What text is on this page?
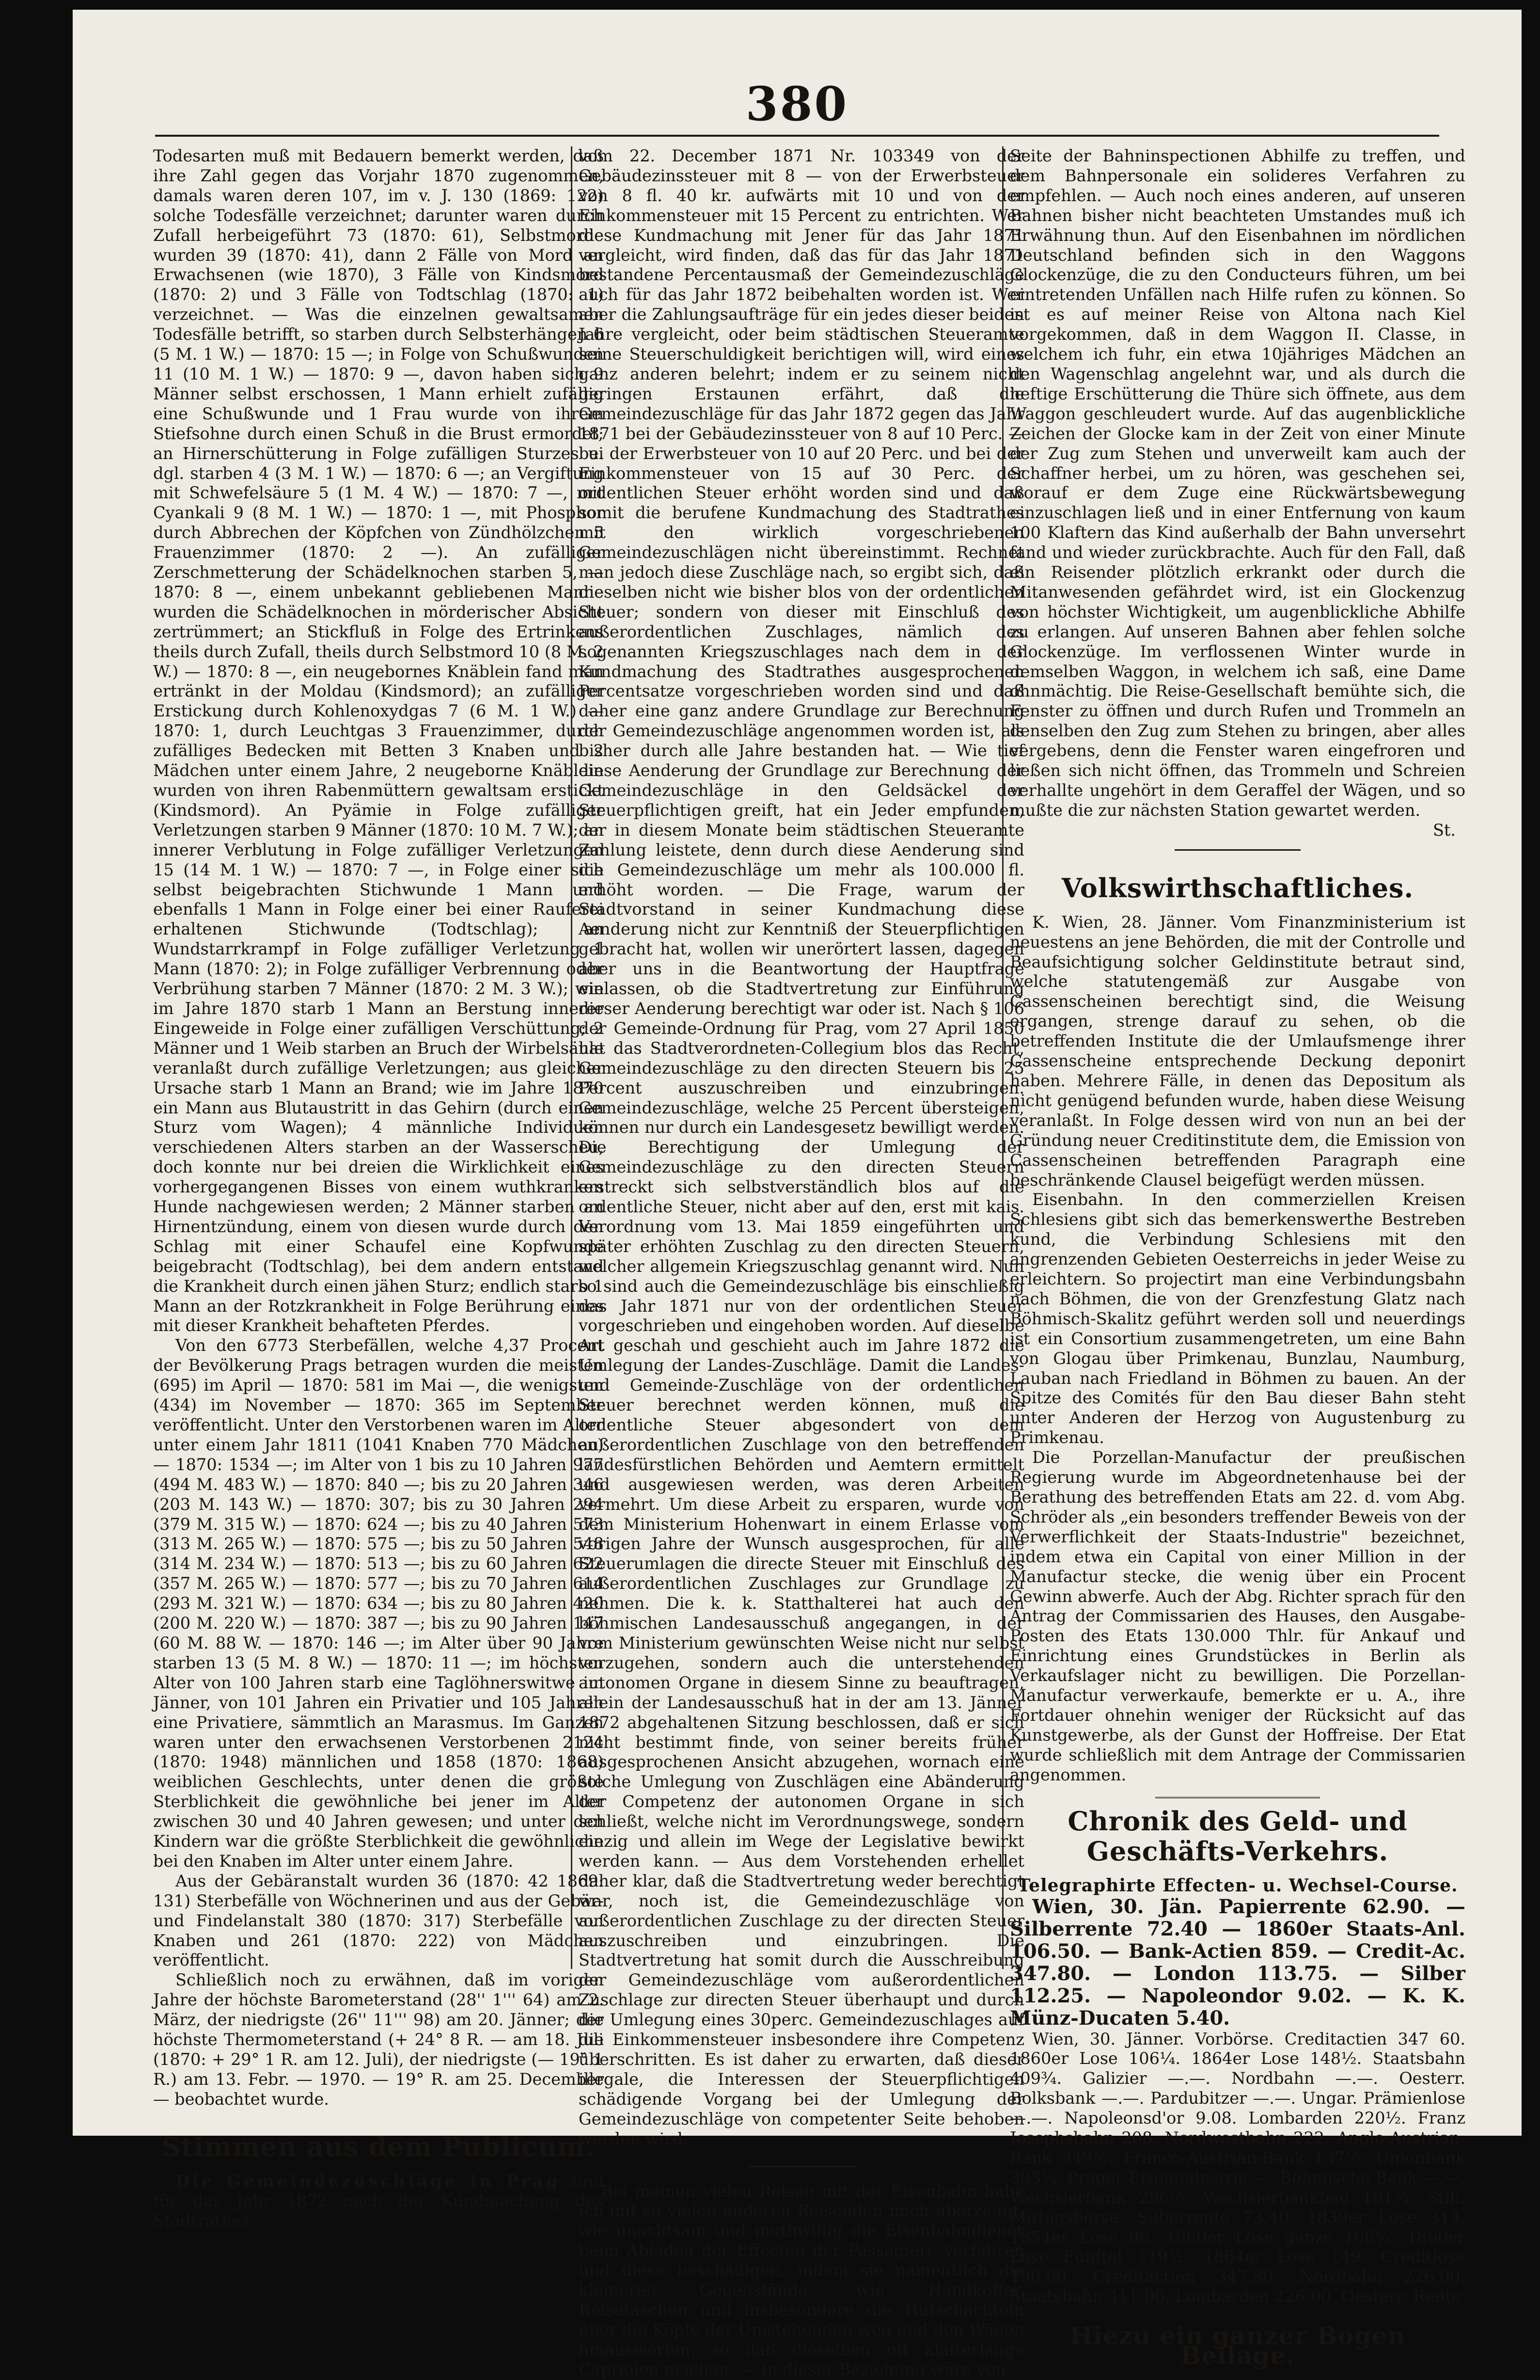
380

Todesarten muß mit Bedauern bemerkt werden, daß ihre Zahl gegen das Vorjahr 1870 zugenommen, damals waren deren 107, im v. J. 130 (1869: 122) solche Todesfälle verzeichnet; darunter waren durch Zufall herbeigeführt 73 (1870: 61), Selbstmorde wurden 39 (1870: 41), dann 2 Fälle von Mord an Erwachsenen (wie 1870), 3 Fälle von Kindsmord (1870: 2) und 3 Fälle von Todtschlag (1870: 1) verzeichnet. — Was die einzelnen gewaltsamen Todesfälle betrifft, so starben durch Selbsterhängen 6 (5 M. 1 W.) — 1870: 15 —; in Folge von Schußwunden 11 (10 M. 1 W.) — 1870: 9 —, davon haben sich 9 Männer selbst erschossen, 1 Mann erhielt zufällig eine Schußwunde und 1 Frau wurde von ihrem Stiefsohne durch einen Schuß in die Brust ermordet; an Hirnerschütterung in Folge zufälligen Sturzes u. dgl. starben 4 (3 M. 1 W.) — 1870: 6 —; an Vergiftung mit Schwefelsäure 5 (1 M. 4 W.) — 1870: 7 —, mit Cyankali 9 (8 M. 1 W.) — 1870: 1 —, mit Phosphor durch Abbrechen der Köpfchen von Zündhölzchen 5 Frauenzimmer (1870: 2 —). An zufälliger Zerschmetterung der Schädelknochen starben 5, — 1870: 8 —, einem unbekannt gebliebenen Manne wurden die Schädelknochen in mörderischer Absicht zertrümmert; an Stickfluß in Folge des Ertrinkens theils durch Zufall, theils durch Selbstmord 10 (8 M. 2 W.) — 1870: 8 —, ein neugebornes Knäblein fand man ertränkt in der Moldau (Kindsmord); an zufälliger Erstickung durch Kohlenoxydgas 7 (6 M. 1 W.) — 1870: 1, durch Leuchtgas 3 Frauenzimmer, durch zufälliges Bedecken mit Betten 3 Knaben und 2 Mädchen unter einem Jahre, 2 neugeborne Knäblein wurden von ihren Rabenmüttern gewaltsam erstickt (Kindsmord). An Pyämie in Folge zufälliger Verletzungen starben 9 Männer (1870: 10 M. 7 W.); an innerer Verblutung in Folge zufälliger Verletzungen 15 (14 M. 1 W.) — 1870: 7 —, in Folge einer sich selbst beigebrachten Stichwunde 1 Mann und ebenfalls 1 Mann in Folge einer bei einer Rauferei erhaltenen Stichwunde (Todtschlag); an Wundstarrkrampf in Folge zufälliger Verletzung 1 Mann (1870: 2); in Folge zufälliger Verbrennung oder Verbrühung starben 7 Männer (1870: 2 M. 3 W.); wie im Jahre 1870 starb 1 Mann an Berstung innerer Eingeweide in Folge einer zufälligen Verschüttung; 2 Männer und 1 Weib starben an Bruch der Wirbelsäule veranlaßt durch zufällige Verletzungen; aus gleicher Ursache starb 1 Mann an Brand; wie im Jahre 1870 ein Mann aus Blutaustritt in das Gehirn (durch einen Sturz vom Wagen); 4 männliche Individuen verschiedenen Alters starben an der Wasserscheu, doch konnte nur bei dreien die Wirklichkeit eines vorhergegangenen Bisses von einem wuthkranken Hunde nachgewiesen werden; 2 Männer starben an Hirnentzündung, einem von diesen wurde durch den Schlag mit einer Schaufel eine Kopfwunde beigebracht (Todtschlag), bei dem andern entstand die Krankheit durch einen jähen Sturz; endlich starb 1 Mann an der Rotzkrankheit in Folge Berührung eines mit dieser Krankheit behafteten Pferdes.

Von den 6773 Sterbefällen, welche 4,37 Procent der Bevölkerung Prags betragen wurden die meisten (695) im April — 1870: 581 im Mai —, die wenigsten (434) im November — 1870: 365 im September veröffentlicht. Unter den Verstorbenen waren im Alter unter einem Jahr 1811 (1041 Knaben 770 Mädchen) — 1870: 1534 —; im Alter von 1 bis zu 10 Jahren 977 (494 M. 483 W.) — 1870: 840 —; bis zu 20 Jahren 346 (203 M. 143 W.) — 1870: 307; bis zu 30 Jahren 294 (379 M. 315 W.) — 1870: 624 —; bis zu 40 Jahren 573 (313 M. 265 W.) — 1870: 575 —; bis zu 50 Jahren 548 (314 M. 234 W.) — 1870: 513 —; bis zu 60 Jahren 622 (357 M. 265 W.) — 1870: 577 —; bis zu 70 Jahren 614 (293 M. 321 W.) — 1870: 634 —; bis zu 80 Jahren 420 (200 M. 220 W.) — 1870: 387 —; bis zu 90 Jahren 147 (60 M. 88 W. — 1870: 146 —; im Alter über 90 Jahre starben 13 (5 M. 8 W.) — 1870: 11 —; im höchsten Alter von 100 Jahren starb eine Taglöhnerswitwe im Jänner, von 101 Jahren ein Privatier und 105 Jahren eine Privatiere, sämmtlich an Marasmus. Im Ganzen waren unter den erwachsenen Verstorbenen 2124 (1870: 1948) männlichen und 1858 (1870: 1868) weiblichen Geschlechts, unter denen die größte Sterblichkeit die gewöhnliche bei jener im Alter zwischen 30 und 40 Jahren gewesen; und unter den Kindern war die größte Sterblichkeit die gewöhnliche bei den Knaben im Alter unter einem Jahre.

Aus der Gebäranstalt wurden 36 (1870: 42 1869: 131) Sterbefälle von Wöchnerinen und aus der Gebär- und Findelanstalt 380 (1870: 317) Sterbefälle von Knaben und 261 (1870: 222) von Mädchen veröffentlicht.

Schließlich noch zu erwähnen, daß im vorigen Jahre der höchste Barometerstand (28'' 1''' 64) am 2. März, der niedrigste (26'' 11''' 98) am 20. Jänner; der höchste Thermometerstand (+ 24° 8 R. — am 18. Juli (1870: + 29° 1 R. am 12. Juli), der niedrigste (— 19° 1 R.) am 13. Febr. — 1970. — 19° R. am 25. December — beobachtet wurde.

Stimmen aus dem Publicum.

Die Gemeindezuschläge in Prag sind für das Jahr 1872 nach der Kundmachung des Stadtrathes

vom 22. December 1871 Nr. 103349 von der Gebäudezinssteuer mit 8 — von der Erwerbsteuer von 8 fl. 40 kr. aufwärts mit 10 und von der Einkommensteuer mit 15 Percent zu entrichten. Wer diese Kundmachung mit Jener für das Jahr 1871 vergleicht, wird finden, daß das für das Jahr 1871 bestandene Percentausmaß der Gemeindezuschläge auch für das Jahr 1872 beibehalten worden ist. Wer aber die Zahlungsaufträge für ein jedes dieser beiden Jahre vergleicht, oder beim städtischen Steueramte seine Steuerschuldigkeit berichtigen will, wird eines ganz anderen belehrt; indem er zu seinem nicht geringen Erstaunen erfährt, daß die Gemeindezuschläge für das Jahr 1872 gegen das Jahr 1871 bei der Gebäudezinssteuer von 8 auf 10 Perc. — bei der Erwerbsteuer von 10 auf 20 Perc. und bei der Einkommensteuer von 15 auf 30 Perc. der ordentlichen Steuer erhöht worden sind und daß somit die berufene Kundmachung des Stadtrathes mit den wirklich vorgeschriebenen Gemeindezuschlägen nicht übereinstimmt. Rechnet man jedoch diese Zuschläge nach, so ergibt sich, daß dieselben nicht wie bisher blos von der ordentlichen Steuer; sondern von dieser mit Einschluß des außerordentlichen Zuschlages, nämlich des sogenannten Kriegszuschlages nach dem in der Kundmachung des Stadtrathes ausgesprochenen Percentsatze vorgeschrieben worden sind und daß daher eine ganz andere Grundlage zur Berechnung der Gemeindezuschläge angenommen worden ist, als bisher durch alle Jahre bestanden hat. — Wie tief diese Aenderung der Grundlage zur Berechnung der Gemeindezuschläge in den Geldsäckel der Steuerpflichtigen greift, hat ein Jeder empfunden, der in diesem Monate beim städtischen Steueramte Zahlung leistete, denn durch diese Aenderung sind die Gemeindezuschläge um mehr als 100.000 fl. erhöht worden. — Die Frage, warum der Stadtvorstand in seiner Kundmachung diese Aenderung nicht zur Kenntniß der Steuerpflichtigen gebracht hat, wollen wir unerörtert lassen, dagegen aber uns in die Beantwortung der Hauptfrage einlassen, ob die Stadtvertretung zur Einführung dieser Aenderung berechtigt war oder ist. Nach § 106 der Gemeinde-Ordnung für Prag, vom 27 April 1850 hat das Stadtverordneten-Collegium blos das Recht, Gemeindezuschläge zu den directen Steuern bis 25 Percent auszuschreiben und einzubringen. Gemeindezuschläge, welche 25 Percent übersteigen, können nur durch ein Landesgesetz bewilligt werden. Die Berechtigung der Umlegung der Gemeindezuschläge zu den directen Steuern erstreckt sich selbstverständlich blos auf die ordentliche Steuer, nicht aber auf den, erst mit kais. Verordnung vom 13. Mai 1859 eingeführten und später erhöhten Zuschlag zu den directen Steuern, welcher allgemein Kriegszuschlag genannt wird. Nun so sind auch die Gemeindezuschläge bis einschließig das Jahr 1871 nur von der ordentlichen Steuer vorgeschrieben und eingehoben worden. Auf dieselbe Art geschah und geschieht auch im Jahre 1872 die Umlegung der Landes-Zuschläge. Damit die Landes- und Gemeinde-Zuschläge von der ordentlichen Steuer berechnet werden können, muß die ordentliche Steuer abgesondert von dem außerordentlichen Zuschlage von den betreffenden landesfürstlichen Behörden und Aemtern ermittelt und ausgewiesen werden, was deren Arbeiten vermehrt. Um diese Arbeit zu ersparen, wurde von dem Ministerium Hohenwart in einem Erlasse vom vorigen Jahre der Wunsch ausgesprochen, für alle Steuerumlagen die directe Steuer mit Einschluß des außerordentlichen Zuschlages zur Grundlage zu nehmen. Die k. k. Statthalterei hat auch den böhmischen Landesausschuß angegangen, in der vom Ministerium gewünschten Weise nicht nur selbst vorzugehen, sondern auch die unterstehenden autonomen Organe in diesem Sinne zu beauftragen, allein der Landesausschuß hat in der am 13. Jänner 1872 abgehaltenen Sitzung beschlossen, daß er sich nicht bestimmt finde, von seiner bereits früher ausgesprochenen Ansicht abzugehen, wornach eine solche Umlegung von Zuschlägen eine Abänderung der Competenz der autonomen Organe in sich schließt, welche nicht im Verordnungswege, sondern einzig und allein im Wege der Legislative bewirkt werden kann. — Aus dem Vorstehenden erhellet daher klar, daß die Stadtvertretung weder berechtigt war, noch ist, die Gemeindezuschläge von außerordentlichen Zuschlage zu der directen Steuer auszuschreiben und einzubringen. Die Stadtvertretung hat somit durch die Ausschreibung der Gemeindezuschläge vom außerordentlichen Zuschlage zur directen Steuer überhaupt und durch die Umlegung eines 30perc. Gemeindezuschlages auf die Einkommensteuer insbesondere ihre Competenz überschritten. Es ist daher zu erwarten, daß dieser illegale, die Interessen der Steuerpflichtigen schädigende Vorgang bei der Umlegung der Gemeindezuschläge von competenter Seite behoben werden wird.

Bei meinen vielen Reisen mit der Eisenbahn habe ich mit so vielen anderen Reisenden mich überzeugt, wie unachtsam und muthwillig die Eisenbahndiener beim Abladen der Effecten der Passagiere verfahren und diese beschädigen, indem sie namentlich die kleineren Gegenstände, wie Handkoffer, Reisetaschen und insbesondere die Hutschachteln über die Köpfe der Umstehenden weg und den Wägen hinauswerfen, so daß dieselben oft klafterlange Capriolen machen. — In dieser Beziehung wäre von

Seite der Bahninspectionen Abhilfe zu treffen, und dem Bahnpersonale ein solideres Verfahren zu empfehlen. — Auch noch eines anderen, auf unseren Bahnen bisher nicht beachteten Umstandes muß ich Erwähnung thun. Auf den Eisenbahnen im nördlichen Deutschland befinden sich in den Waggons Glockenzüge, die zu den Conducteurs führen, um bei eintretenden Unfällen nach Hilfe rufen zu können. So ist es auf meiner Reise von Altona nach Kiel vorgekommen, daß in dem Waggon II. Classe, in welchem ich fuhr, ein etwa 10jähriges Mädchen an den Wagenschlag angelehnt war, und als durch die heftige Erschütterung die Thüre sich öffnete, aus dem Waggon geschleudert wurde. Auf das augenblickliche Zeichen der Glocke kam in der Zeit von einer Minute der Zug zum Stehen und unverweilt kam auch der Schaffner herbei, um zu hören, was geschehen sei, worauf er dem Zuge eine Rückwärtsbewegung einzuschlagen ließ und in einer Entfernung von kaum 100 Klaftern das Kind außerhalb der Bahn unversehrt fand und wieder zurückbrachte. Auch für den Fall, daß ein Reisender plötzlich erkrankt oder durch die Mitanwesenden gefährdet wird, ist ein Glockenzug von höchster Wichtigkeit, um augenblickliche Abhilfe zu erlangen. Auf unseren Bahnen aber fehlen solche Glockenzüge. Im verflossenen Winter wurde in demselben Waggon, in welchem ich saß, eine Dame ohnmächtig. Die Reise-Gesellschaft bemühte sich, die Fenster zu öffnen und durch Rufen und Trommeln an denselben den Zug zum Stehen zu bringen, aber alles vergebens, denn die Fenster waren eingefroren und ließen sich nicht öffnen, das Trommeln und Schreien verhallte ungehört in dem Geraffel der Wägen, und so mußte die zur nächsten Station gewartet werden.

St.
Volkswirthschaftliches.

K. Wien, 28. Jänner. Vom Finanzministerium ist neuestens an jene Behörden, die mit der Controlle und Beaufsichtigung solcher Geldinstitute betraut sind, welche statutengemäß zur Ausgabe von Cassenscheinen berechtigt sind, die Weisung ergangen, strenge darauf zu sehen, ob die betreffenden Institute die der Umlaufsmenge ihrer Cassenscheine entsprechende Deckung deponirt haben. Mehrere Fälle, in denen das Depositum als nicht genügend befunden wurde, haben diese Weisung veranlaßt. In Folge dessen wird von nun an bei der Gründung neuer Creditinstitute dem, die Emission von Cassenscheinen betreffenden Paragraph eine beschränkende Clausel beigefügt werden müssen.

Eisenbahn. In den commerziellen Kreisen Schlesiens gibt sich das bemerkenswerthe Bestreben kund, die Verbindung Schlesiens mit den angrenzenden Gebieten Oesterreichs in jeder Weise zu erleichtern. So projectirt man eine Verbindungsbahn nach Böhmen, die von der Grenzfestung Glatz nach Böhmisch-Skalitz geführt werden soll und neuerdings ist ein Consortium zusammengetreten, um eine Bahn von Glogau über Primkenau, Bunzlau, Naumburg, Lauban nach Friedland in Böhmen zu bauen. An der Spitze des Comités für den Bau dieser Bahn steht unter Anderen der Herzog von Augustenburg zu Primkenau.

Die Porzellan-Manufactur der preußischen Regierung wurde im Abgeordnetenhause bei der Berathung des betreffenden Etats am 22. d. vom Abg. Schröder als „ein besonders treffender Beweis von der Verwerflichkeit der Staats-Industrie" bezeichnet, indem etwa ein Capital von einer Million in der Manufactur stecke, die wenig über ein Procent Gewinn abwerfe. Auch der Abg. Richter sprach für den Antrag der Commissarien des Hauses, den Ausgabe-Posten des Etats 130.000 Thlr. für Ankauf und Einrichtung eines Grundstückes in Berlin als Verkaufslager nicht zu bewilligen. Die Porzellan-Manufactur verwerkaufe, bemerkte er u. A., ihre Fortdauer ohnehin weniger der Rücksicht auf das Kunstgewerbe, als der Gunst der Hoffreise. Der Etat wurde schließlich mit dem Antrage der Commissarien angenommen.

Chronik des Geld- und Geschäfts-Verkehrs.
Telegraphirte Effecten- u. Wechsel-Course.

Wien, 30. Jän. Papierrente 62.90. — Silberrente 72.40 — 1860er Staats-Anl. 106.50. — Bank-Actien 859. — Credit-Ac. 347.80. — London 113.75. — Silber 112.25. — Napoleondor 9.02. — K. K. Münz-Ducaten 5.40.

Wien, 30. Jänner. Vorbörse. Creditactien 347 60. 1860er Lose 106¼. 1864er Lose 148½. Staatsbahn 409¾. Galizier —.—. Nordbahn —.—. Oesterr. Bolksbank —.—. Pardubitzer —.—. Ungar. Prämienlose —.—. Napoleonsd'or 9.08. Lombarden 220½. Franz Josephsbahn 208. Nordwestbahn 222. Anglo-Austrian-Bank 349½. Franco-Austrian-Bank 137½. Unionbank 303¾. Prager Eisenindustrie —. Böhmische Bank —.—. Wechslerbank 296½. Wechslerbankbau 101¾. Still. Mittagsbörse. Silberrente 73.40. 1839er Lose 314. 1854er Lose 96. 1860er Lose ganze 106½. 1860er Lose Fünftel 119½. 1864er Lose 149. Creditlose 190.00. Creditactien 347.80. Nordbahn 226.00. Staatsbahn 411.00. Lombarden 226.00. Oesterr. Rente

Hiezu ein ganzer Bogen Beilage.
